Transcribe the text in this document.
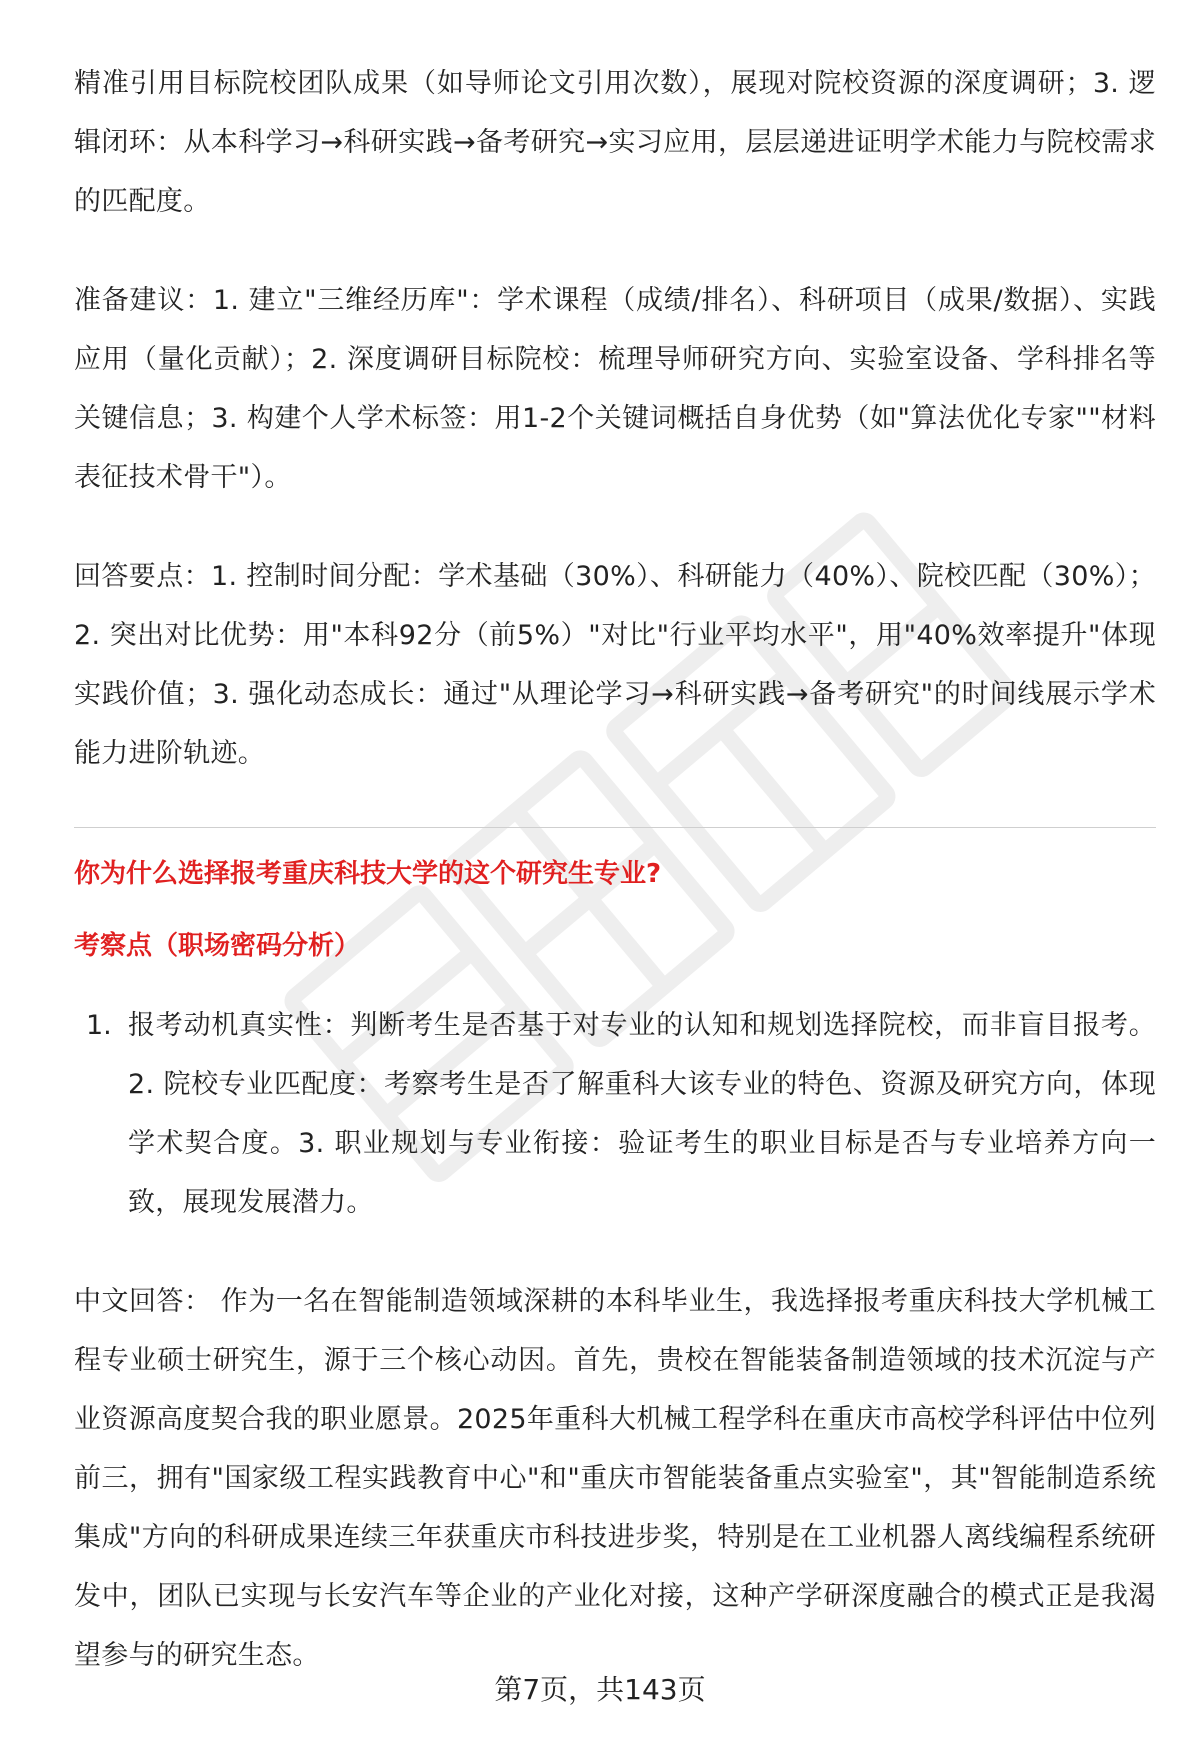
精准引用目标院校团队成果（如导师论文引用次数），展现对院校资源的深度调研；3. 逻辑闭环：从本科学习→科研实践→备考研究→实习应用，层层递进证明学术能力与院校需求的匹配度。

准备建议：1. 建立"三维经历库"：学术课程（成绩/排名）、科研项目（成果/数据）、实践应用（量化贡献）；2. 深度调研目标院校：梳理导师研究方向、实验室设备、学科排名等关键信息；3. 构建个人学术标签：用1-2个关键词概括自身优势（如"算法优化专家""材料表征技术骨干"）。

回答要点：1. 控制时间分配：学术基础（30%）、科研能力（40%）、院校匹配（30%）；2. 突出对比优势：用"本科92分（前5%）"对比"行业平均水平"，用"40%效率提升"体现实践价值；3. 强化动态成长：通过"从理论学习→科研实践→备考研究"的时间线展示学术能力进阶轨迹。

你为什么选择报考重庆科技大学的这个研究生专业?
考察点（职场密码分析）
1. 报考动机真实性：判断考生是否基于对专业的认知和规划选择院校，而非盲目报考。2. 院校专业匹配度：考察考生是否了解重科大该专业的特色、资源及研究方向，体现学术契合度。3. 职业规划与专业衔接：验证考生的职业目标是否与专业培养方向一致，展现发展潜力。

中文回答： 作为一名在智能制造领域深耕的本科毕业生，我选择报考重庆科技大学机械工程专业硕士研究生，源于三个核心动因。首先，贵校在智能装备制造领域的技术沉淀与产业资源高度契合我的职业愿景。2025年重科大机械工程学科在重庆市高校学科评估中位列前三，拥有"国家级工程实践教育中心"和"重庆市智能装备重点实验室"，其"智能制造系统集成"方向的科研成果连续三年获重庆市科技进步奖，特别是在工业机器人离线编程系统研发中，团队已实现与长安汽车等企业的产业化对接，这种产学研深度融合的模式正是我渴望参与的研究生态。

第7页，共143页
